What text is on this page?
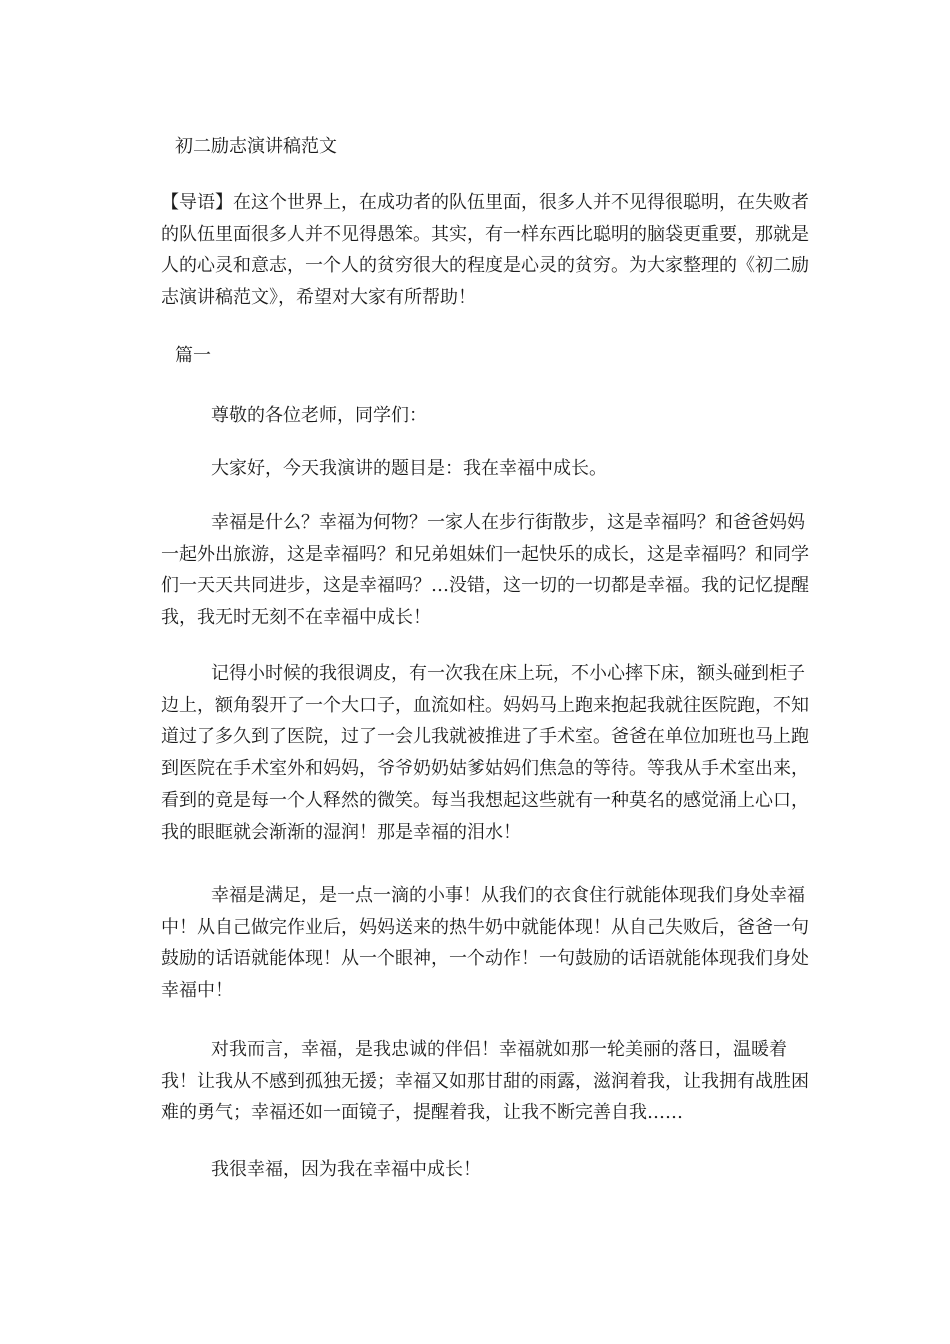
初二励志演讲稿范文

【导语】在这个世界上，在成功者的队伍里面，很多人并不见得很聪明，在失败者的队伍里面很多人并不见得愚笨。其实，有一样东西比聪明的脑袋更重要，那就是人的心灵和意志，一个人的贫穷很大的程度是心灵的贫穷。为大家整理的《初二励志演讲稿范文》，希望对大家有所帮助！

篇一
尊敬的各位老师，同学们：
大家好，今天我演讲的题目是：我在幸福中成长。

幸福是什么？幸福为何物？一家人在步行街散步，这是幸福吗？和爸爸妈妈一起外出旅游，这是幸福吗？和兄弟姐妹们一起快乐的成长，这是幸福吗？和同学们一天天共同进步，这是幸福吗？…没错，这一切的一切都是幸福。我的记忆提醒我，我无时无刻不在幸福中成长！

记得小时候的我很调皮，有一次我在床上玩，不小心摔下床，额头碰到柜子边上，额角裂开了一个大口子，血流如柱。妈妈马上跑来抱起我就往医院跑，不知道过了多久到了医院，过了一会儿我就被推进了手术室。爸爸在单位加班也马上跑到医院在手术室外和妈妈，爷爷奶奶姑爹姑妈们焦急的等待。等我从手术室出来，看到的竟是每一个人释然的微笑。每当我想起这些就有一种莫名的感觉涌上心口，我的眼眶就会渐渐的湿润！那是幸福的泪水！

幸福是满足，是一点一滴的小事！从我们的衣食住行就能体现我们身处幸福中！从自己做完作业后，妈妈送来的热牛奶中就能体现！从自己失败后，爸爸一句鼓励的话语就能体现！从一个眼神，一个动作！一句鼓励的话语就能体现我们身处幸福中！

对我而言，幸福，是我忠诚的伴侣！幸福就如那一轮美丽的落日，温暖着我！让我从不感到孤独无援；幸福又如那甘甜的雨露，滋润着我，让我拥有战胜困难的勇气；幸福还如一面镜子，提醒着我，让我不断完善自我……

我很幸福，因为我在幸福中成长！
